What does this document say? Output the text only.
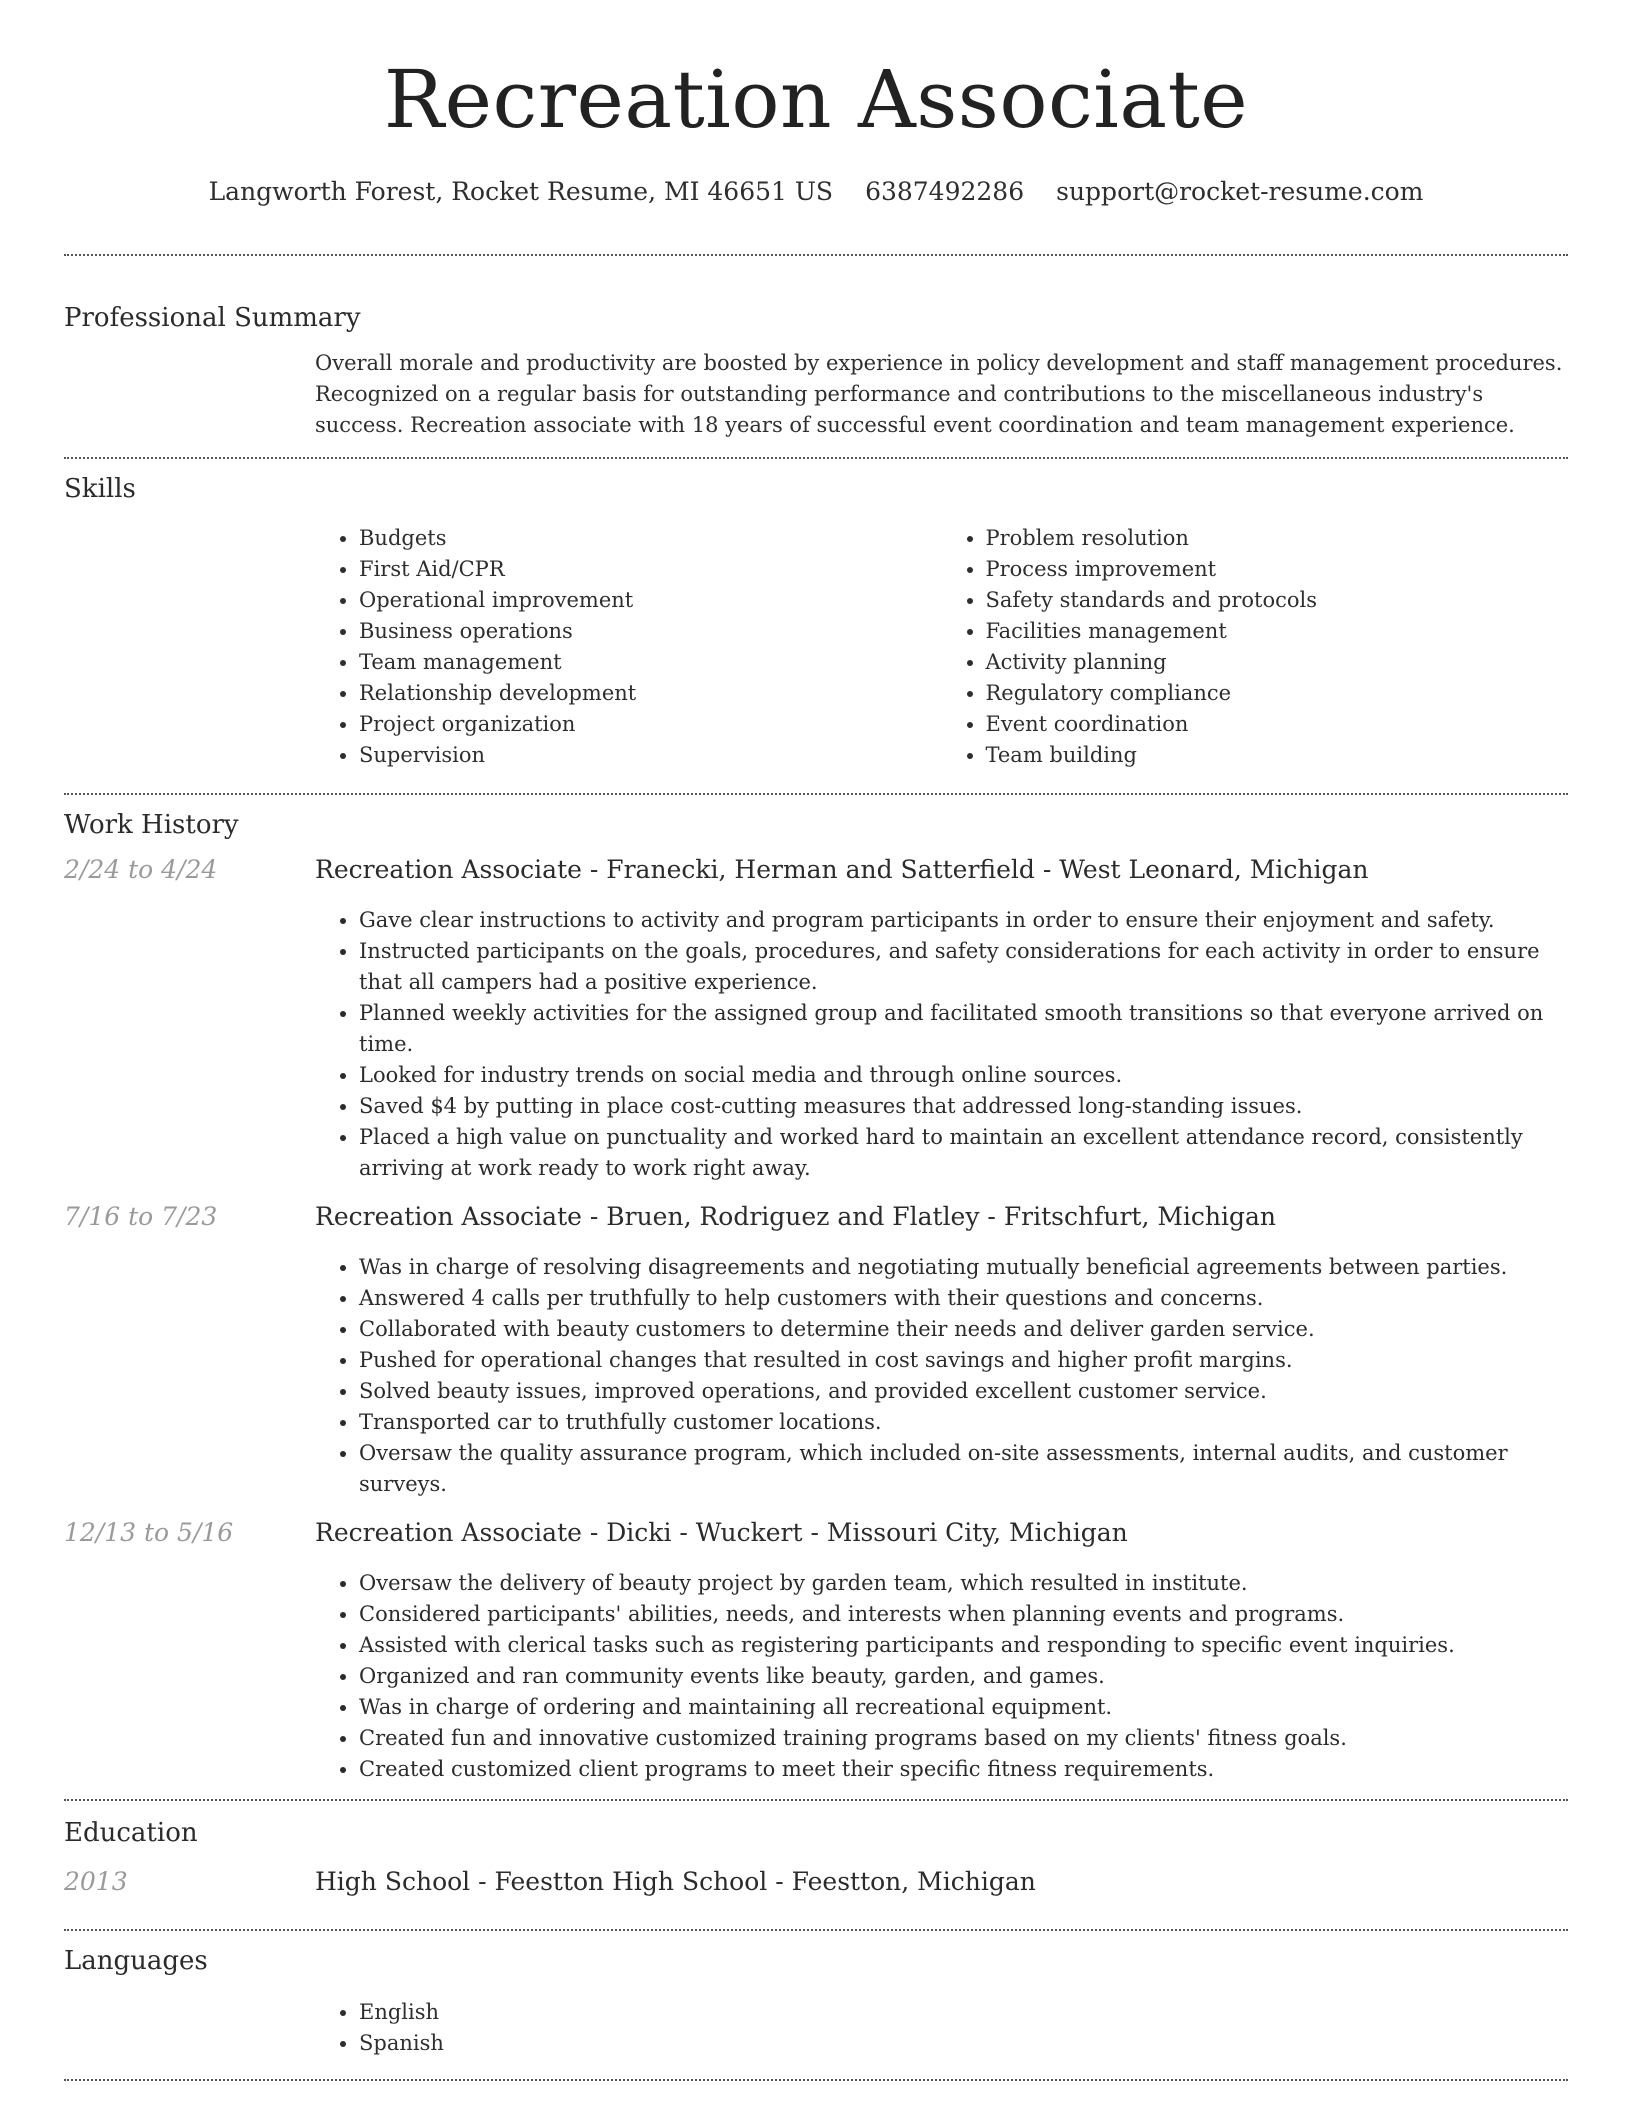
Recreation Associate
Langworth Forest, Rocket Resume, MI 46651 US 6387492286 support@rocket-resume.com
Professional Summary
Overall morale and productivity are boosted by experience in policy development and staff management procedures. Recognized on a regular basis for outstanding performance and contributions to the miscellaneous industry's success. Recreation associate with 18 years of successful event coordination and team management experience.
Skills
• Budgets
• First Aid/CPR
• Operational improvement
• Business operations
• Team management
• Relationship development
• Project organization
• Supervision
• Problem resolution
• Process improvement
• Safety standards and protocols
• Facilities management
• Activity planning
• Regulatory compliance
• Event coordination
• Team building
Work History
2/24 to 4/24	Recreation Associate - Franecki, Herman and Satterfield - West Leonard, Michigan
• Gave clear instructions to activity and program participants in order to ensure their enjoyment and safety.
• Instructed participants on the goals, procedures, and safety considerations for each activity in order to ensure that all campers had a positive experience.
• Planned weekly activities for the assigned group and facilitated smooth transitions so that everyone arrived on time.
• Looked for industry trends on social media and through online sources.
• Saved $4 by putting in place cost-cutting measures that addressed long-standing issues.
• Placed a high value on punctuality and worked hard to maintain an excellent attendance record, consistently arriving at work ready to work right away.
7/16 to 7/23	Recreation Associate - Bruen, Rodriguez and Flatley - Fritschfurt, Michigan
• Was in charge of resolving disagreements and negotiating mutually beneficial agreements between parties.
• Answered 4 calls per truthfully to help customers with their questions and concerns.
• Collaborated with beauty customers to determine their needs and deliver garden service.
• Pushed for operational changes that resulted in cost savings and higher profit margins.
• Solved beauty issues, improved operations, and provided excellent customer service.
• Transported car to truthfully customer locations.
• Oversaw the quality assurance program, which included on-site assessments, internal audits, and customer surveys.
12/13 to 5/16	Recreation Associate - Dicki - Wuckert - Missouri City, Michigan
• Oversaw the delivery of beauty project by garden team, which resulted in institute.
• Considered participants' abilities, needs, and interests when planning events and programs.
• Assisted with clerical tasks such as registering participants and responding to specific event inquiries.
• Organized and ran community events like beauty, garden, and games.
• Was in charge of ordering and maintaining all recreational equipment.
• Created fun and innovative customized training programs based on my clients' fitness goals.
• Created customized client programs to meet their specific fitness requirements.
Education
2013	High School - Feestton High School - Feestton, Michigan
Languages
• English
• Spanish
